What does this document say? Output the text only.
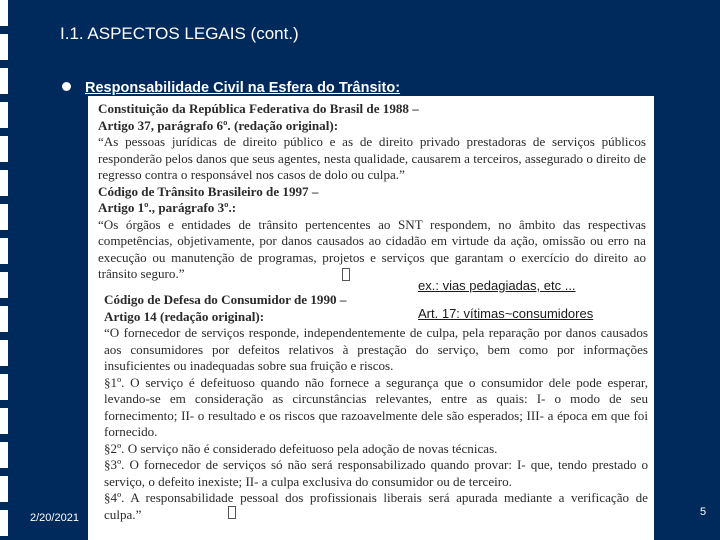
I.1. ASPECTOS LEGAIS (cont.)
Responsabilidade Civil na Esfera do Trânsito:
Constituição da República Federativa do Brasil de 1988 –
Artigo 37, parágrafo 6º. (redação original):
“As pessoas jurídicas de direito público e as de direito privado prestadoras de serviços públicos responderão pelos danos que seus agentes, nesta qualidade, causarem a terceiros, assegurado o direito de regresso contra o responsável nos casos de dolo ou culpa.”
Código de Trânsito Brasileiro de 1997 –
Artigo 1º., parágrafo 3º.:
“Os órgãos e entidades de trânsito pertencentes ao SNT respondem, no âmbito das respectivas competências, objetivamente, por danos causados ao cidadão em virtude da ação, omissão ou erro na execução ou manutenção de programas, projetos e serviços que garantam o exercício do direito ao trânsito seguro.”
Código de Defesa do Consumidor de 1990 –
Artigo 14 (redação original):
“O fornecedor de serviços responde, independentemente de culpa, pela reparação por danos causados aos consumidores por defeitos relativos à prestação do serviço, bem como por informações insuficientes ou inadequadas sobre sua fruição e riscos.
§1º. O serviço é defeituoso quando não fornece a segurança que o consumidor dele pode esperar, levando-se em consideração as circunstâncias relevantes, entre as quais: I- o modo de seu fornecimento; II- o resultado e os riscos que razoavelmente dele são esperados; III- a época em que foi fornecido.
§2º. O serviço não é considerado defeituoso pela adoção de novas técnicas.
§3º. O fornecedor de serviços só não será responsabilizado quando provar: I- que, tendo prestado o serviço, o defeito inexiste; II- a culpa exclusiva do consumidor ou de terceiro.
§4º. A responsabilidade pessoal dos profissionais liberais será apurada mediante a verificação de culpa.”
ex.: vias pedagiadas, etc ...
Art. 17: vítimas~consumidores
2/20/2021	5
